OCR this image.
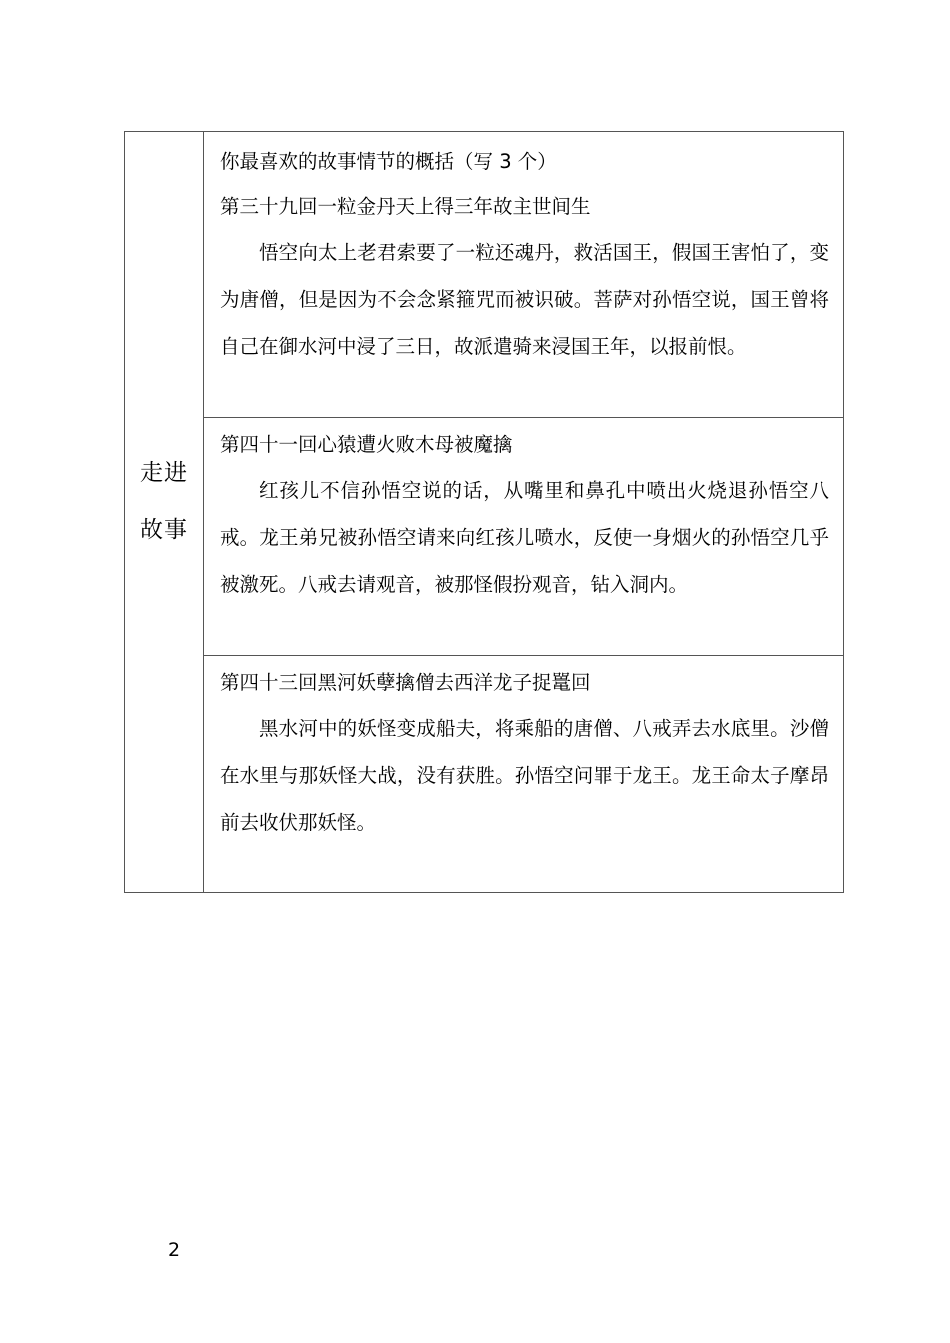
走进
故事
你最喜欢的故事情节的概括（写 3 个）
第三十九回一粒金丹天上得三年故主世间生

悟空向太上老君索要了一粒还魂丹，救活国王，假国王害怕了，变为唐僧，但是因为不会念紧箍咒而被识破。菩萨对孙悟空说，国王曾将自己在御水河中浸了三日，故派遣骑来浸国王年，以报前恨。

第四十一回心猿遭火败木母被魔擒

红孩儿不信孙悟空说的话，从嘴里和鼻孔中喷出火烧退孙悟空八戒。龙王弟兄被孙悟空请来向红孩儿喷水，反使一身烟火的孙悟空几乎被激死。八戒去请观音，被那怪假扮观音，钻入洞内。

第四十三回黑河妖孽擒僧去西洋龙子捉鼍回

黑水河中的妖怪变成船夫，将乘船的唐僧、八戒弄去水底里。沙僧在水里与那妖怪大战，没有获胜。孙悟空问罪于龙王。龙王命太子摩昂前去收伏那妖怪。

2
